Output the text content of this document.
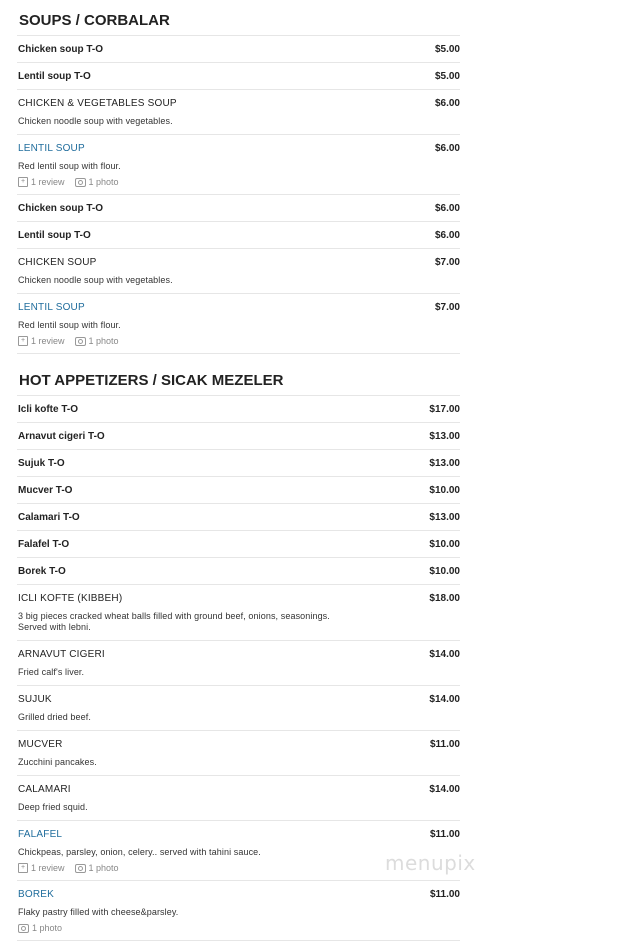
SOUPS / CORBALAR
Chicken soup T-O	$5.00
Lentil soup T-O	$5.00
CHICKEN & VEGETABLES SOUP	$6.00
Chicken noodle soup with vegetables.
LENTIL SOUP	$6.00
Red lentil soup with flour.
+ 1 review	1 photo
Chicken soup T-O	$6.00
Lentil soup T-O	$6.00
CHICKEN SOUP	$7.00
Chicken noodle soup with vegetables.
LENTIL SOUP	$7.00
Red lentil soup with flour.
+ 1 review	1 photo
HOT APPETIZERS / SICAK MEZELER
Icli kofte T-O	$17.00
Arnavut cigeri T-O	$13.00
Sujuk T-O	$13.00
Mucver T-O	$10.00
Calamari T-O	$13.00
Falafel T-O	$10.00
Borek T-O	$10.00
ICLI KOFTE (KIBBEH)	$18.00
3 big pieces cracked wheat balls filled with ground beef, onions, seasonings. Served with lebni.
ARNAVUT CIGERI	$14.00
Fried calf's liver.
SUJUK	$14.00
Grilled dried beef.
MUCVER	$11.00
Zucchini pancakes.
CALAMARI	$14.00
Deep fried squid.
FALAFEL	$11.00
Chickpeas, parsley, onion, celery.. served with tahini sauce.
+ 1 review	1 photo
BOREK	$11.00
Flaky pastry filled with cheese&parsley.
1 photo
menupix
